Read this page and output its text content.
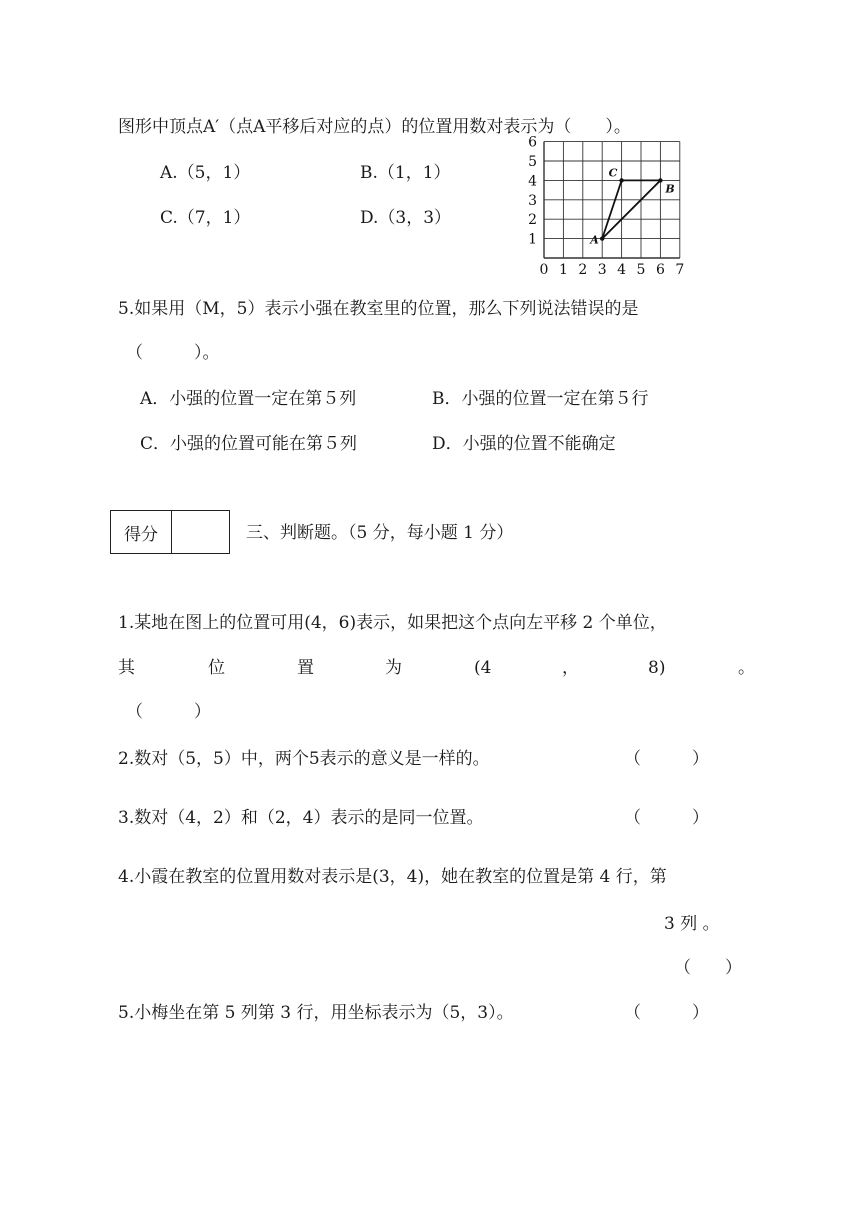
图形中顶点A′（点A平移后对应的点）的位置用数对表示为（　　）。
A.（5，1）	B.（1，1）
C.（7，1）	D.（3，3）
A
B
C
0 1 2 3 4 5 6 7
1
2
3
4
5
6
5.如果用（M，5）表示小强在教室里的位置，那么下列说法错误的是
（　　　）。
A．小强的位置一定在第５列	B．小强的位置一定在第５行
C．小强的位置可能在第５列	D．小强的位置不能确定
得分	三、判断题。（5 分，每小题 1 分）
1.某地在图上的位置可用(4，6)表示，如果把这个点向左平移 2 个单位，
其	位	置	为	(4	，	8)	。
（　　　）
2.数对（5，5）中，两个5表示的意义是一样的。	（　　　）
3.数对（4，2）和（2，4）表示的是同一位置。	（　　　）
4.小霞在教室的位置用数对表示是(3，4)，她在教室的位置是第 4 行，第
3 列 。
（　　）
5.小梅坐在第 5 列第 3 行，用坐标表示为（5，3）。	（　　　）
